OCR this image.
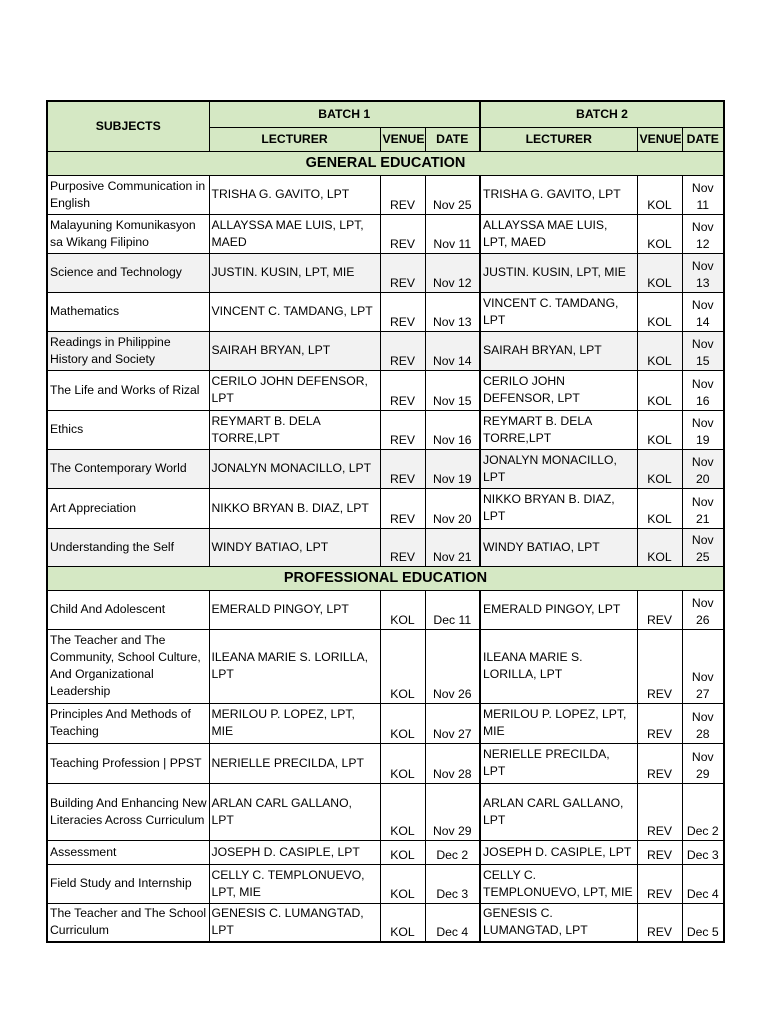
SUBJECTS	BATCH 1			BATCH 2		
	LECTURER	VENUE	DATE	LECTURER	VENUE	DATE
GENERAL EDUCATION						
Purposive Communication in English	TRISHA G. GAVITO, LPT	REV	Nov 25	TRISHA G. GAVITO, LPT	KOL	Nov 11
Malayuning Komunikasyon sa Wikang Filipino	ALLAYSSA MAE LUIS, LPT, MAED	REV	Nov 11	ALLAYSSA MAE LUIS, LPT, MAED	KOL	Nov 12
Science and Technology	JUSTIN. KUSIN, LPT, MIE	REV	Nov 12	JUSTIN. KUSIN, LPT, MIE	KOL	Nov 13
Mathematics	VINCENT C. TAMDANG, LPT	REV	Nov 13	VINCENT C. TAMDANG, LPT	KOL	Nov 14
Readings in Philippine History and Society	SAIRAH BRYAN, LPT	REV	Nov 14	SAIRAH BRYAN, LPT	KOL	Nov 15
The Life and Works of Rizal	CERILO JOHN DEFENSOR, LPT	REV	Nov 15	CERILO JOHN DEFENSOR, LPT	KOL	Nov 16
Ethics	REYMART B. DELA TORRE,LPT	REV	Nov 16	REYMART B. DELA TORRE,LPT	KOL	Nov 19
The Contemporary World	JONALYN MONACILLO, LPT	REV	Nov 19	JONALYN MONACILLO, LPT	KOL	Nov 20
Art Appreciation	NIKKO BRYAN B. DIAZ, LPT	REV	Nov 20	NIKKO BRYAN B. DIAZ, LPT	KOL	Nov 21
Understanding the Self	WINDY BATIAO, LPT	REV	Nov 21	WINDY BATIAO, LPT	KOL	Nov 25
PROFESSIONAL EDUCATION						
Child And Adolescent	EMERALD PINGOY, LPT	KOL	Dec 11	EMERALD PINGOY, LPT	REV	Nov 26
The Teacher and The Community, School Culture, And Organizational Leadership	ILEANA MARIE S. LORILLA, LPT	KOL	Nov 26	ILEANA MARIE S. LORILLA, LPT	REV	Nov 27
Principles And Methods of Teaching	MERILOU P. LOPEZ, LPT, MIE	KOL	Nov 27	MERILOU P. LOPEZ, LPT, MIE	REV	Nov 28
Teaching Profession | PPST	NERIELLE PRECILDA, LPT	KOL	Nov 28	NERIELLE PRECILDA, LPT	REV	Nov 29
Building And Enhancing New Literacies Across Curriculum	ARLAN CARL GALLANO, LPT	KOL	Nov 29	ARLAN CARL GALLANO, LPT	REV	Dec 2
Assessment	JOSEPH D. CASIPLE, LPT	KOL	Dec 2	JOSEPH D. CASIPLE, LPT	REV	Dec 3
Field Study and Internship	CELLY C. TEMPLONUEVO, LPT, MIE	KOL	Dec 3	CELLY C. TEMPLONUEVO, LPT, MIE	REV	Dec 4
The Teacher and The School Curriculum	GENESIS C. LUMANGTAD, LPT	KOL	Dec 4	GENESIS C. LUMANGTAD, LPT	REV	Dec 5
